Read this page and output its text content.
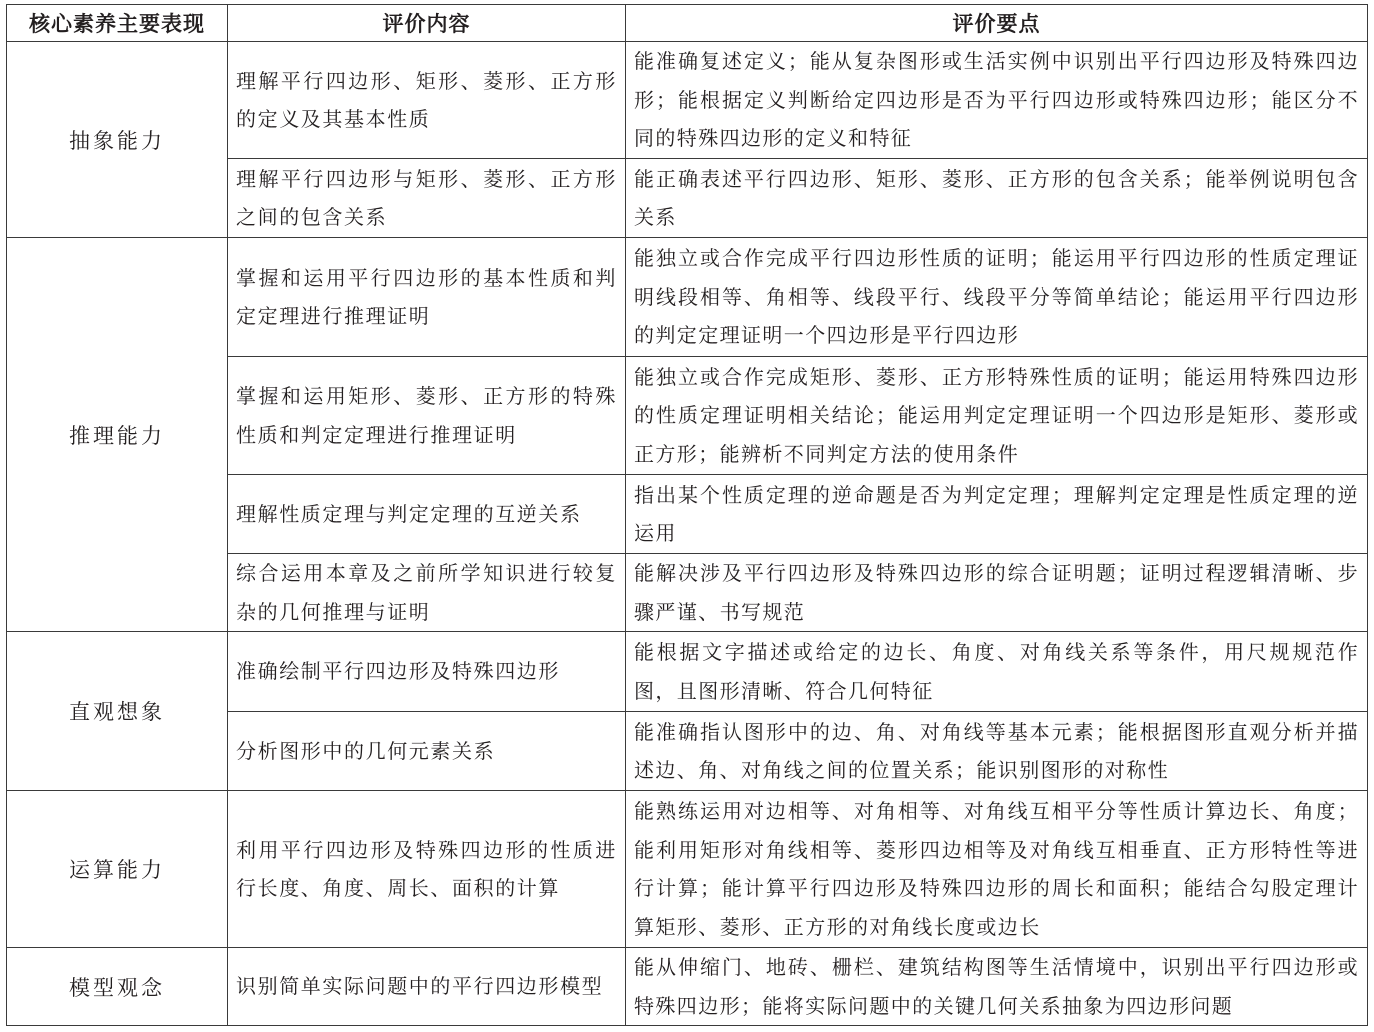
核心素养主要表现	评价内容	评价要点
抽象能力	理解平行四边形、矩形、菱形、正方形的定义及其基本性质	能准确复述定义；能从复杂图形或生活实例中识别出平行四边形及特殊四边形；能根据定义判断给定四边形是否为平行四边形或特殊四边形；能区分不同的特殊四边形的定义和特征
	理解平行四边形与矩形、菱形、正方形之间的包含关系	能正确表述平行四边形、矩形、菱形、正方形的包含关系；能举例说明包含关系
推理能力	掌握和运用平行四边形的基本性质和判定定理进行推理证明	能独立或合作完成平行四边形性质的证明；能运用平行四边形的性质定理证明线段相等、角相等、线段平行、线段平分等简单结论；能运用平行四边形的判定定理证明一个四边形是平行四边形
	掌握和运用矩形、菱形、正方形的特殊性质和判定定理进行推理证明	能独立或合作完成矩形、菱形、正方形特殊性质的证明；能运用特殊四边形的性质定理证明相关结论；能运用判定定理证明一个四边形是矩形、菱形或正方形；能辨析不同判定方法的使用条件
	理解性质定理与判定定理的互逆关系	指出某个性质定理的逆命题是否为判定定理；理解判定定理是性质定理的逆运用
	综合运用本章及之前所学知识进行较复杂的几何推理与证明	能解决涉及平行四边形及特殊四边形的综合证明题；证明过程逻辑清晰、步骤严谨、书写规范
直观想象	准确绘制平行四边形及特殊四边形	能根据文字描述或给定的边长、角度、对角线关系等条件，用尺规规范作图，且图形清晰、符合几何特征
	分析图形中的几何元素关系	能准确指认图形中的边、角、对角线等基本元素；能根据图形直观分析并描述边、角、对角线之间的位置关系；能识别图形的对称性
运算能力	利用平行四边形及特殊四边形的性质进行长度、角度、周长、面积的计算	能熟练运用对边相等、对角相等、对角线互相平分等性质计算边长、角度；能利用矩形对角线相等、菱形四边相等及对角线互相垂直、正方形特性等进行计算；能计算平行四边形及特殊四边形的周长和面积；能结合勾股定理计算矩形、菱形、正方形的对角线长度或边长
模型观念	识别简单实际问题中的平行四边形模型	能从伸缩门、地砖、栅栏、建筑结构图等生活情境中，识别出平行四边形或特殊四边形；能将实际问题中的关键几何关系抽象为四边形问题
